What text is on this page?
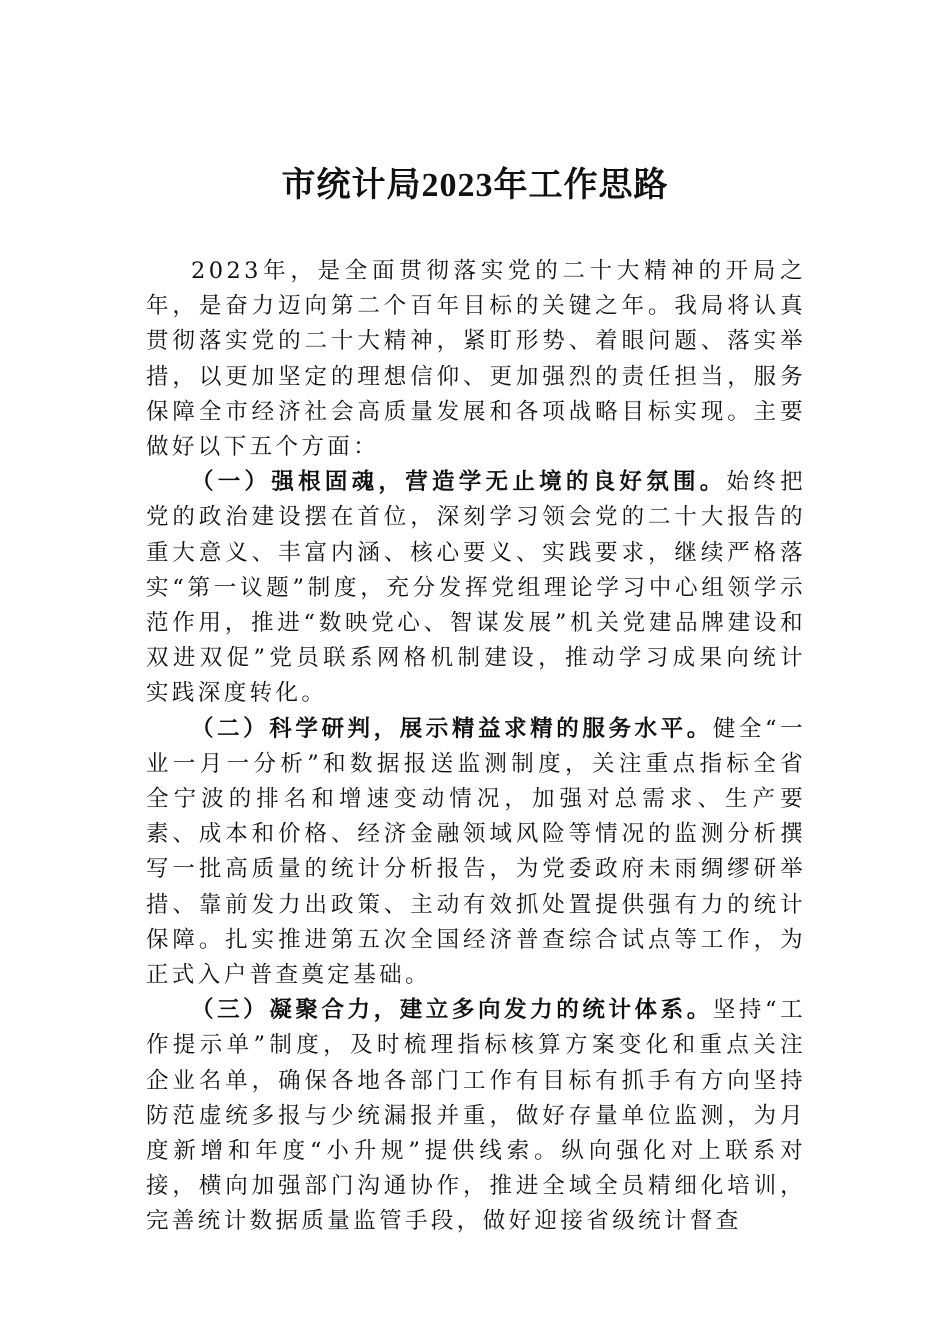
市统计局2023年工作思路

2023年，是全面贯彻落实党的二十大精神的开局之年，是奋力迈向第二个百年目标的关键之年。我局将认真贯彻落实党的二十大精神，紧盯形势、着眼问题、落实举措，以更加坚定的理想信仰、更加强烈的责任担当，服务保障全市经济社会高质量发展和各项战略目标实现。主要做好以下五个方面：

（一）强根固魂，营造学无止境的良好氛围。始终把党的政治建设摆在首位，深刻学习领会党的二十大报告的重大意义、丰富内涵、核心要义、实践要求，继续严格落实“第一议题”制度，充分发挥党组理论学习中心组领学示范作用，推进“数映党心、智谋发展”机关党建品牌建设和双进双促”党员联系网格机制建设，推动学习成果向统计实践深度转化。

（二）科学研判，展示精益求精的服务水平。健全“一业一月一分析”和数据报送监测制度，关注重点指标全省全宁波的排名和增速变动情况，加强对总需求、生产要素、成本和价格、经济金融领域风险等情况的监测分析撰写一批高质量的统计分析报告，为党委政府未雨绸缪研举措、靠前发力出政策、主动有效抓处置提供强有力的统计保障。扎实推进第五次全国经济普查综合试点等工作，为正式入户普查奠定基础。

（三）凝聚合力，建立多向发力的统计体系。坚持“工作提示单”制度，及时梳理指标核算方案变化和重点关注企业名单，确保各地各部门工作有目标有抓手有方向坚持防范虚统多报与少统漏报并重，做好存量单位监测，为月度新增和年度“小升规”提供线索。纵向强化对上联系对接，横向加强部门沟通协作，推进全域全员精细化培训，完善统计数据质量监管手段，做好迎接省级统计督查
